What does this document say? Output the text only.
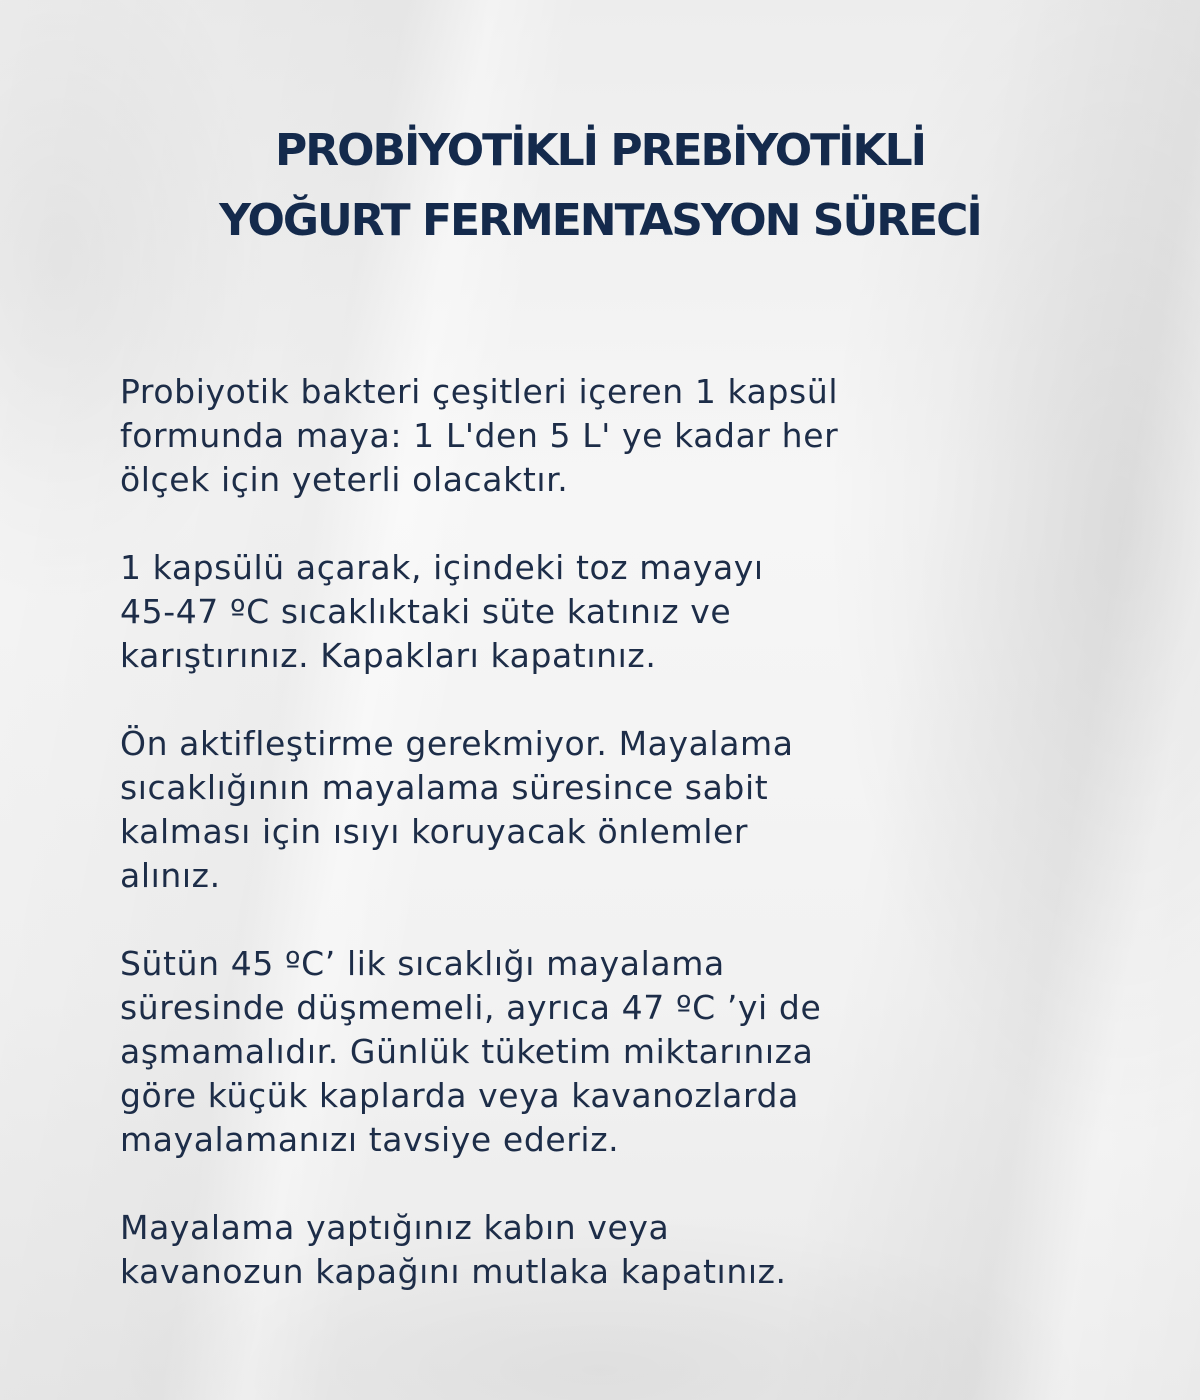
PROBİYOTİKLİ PREBİYOTİKLİ
YOĞURT FERMENTASYON SÜRECİ

Probiyotik bakteri çeşitleri içeren 1 kapsül
formunda maya: 1 L'den 5 L' ye kadar her
ölçek için yeterli olacaktır.

1 kapsülü açarak, içindeki toz mayayı
45-47 ºC sıcaklıktaki süte katınız ve
karıştırınız. Kapakları kapatınız.

Ön aktifleştirme gerekmiyor. Mayalama
sıcaklığının mayalama süresince sabit
kalması için ısıyı koruyacak önlemler
alınız.

Sütün 45 ºC’ lik sıcaklığı mayalama
süresinde düşmemeli, ayrıca 47 ºC ’yi de
aşmamalıdır. Günlük tüketim miktarınıza
göre küçük kaplarda veya kavanozlarda
mayalamanızı tavsiye ederiz.

Mayalama yaptığınız kabın veya
kavanozun kapağını mutlaka kapatınız.
